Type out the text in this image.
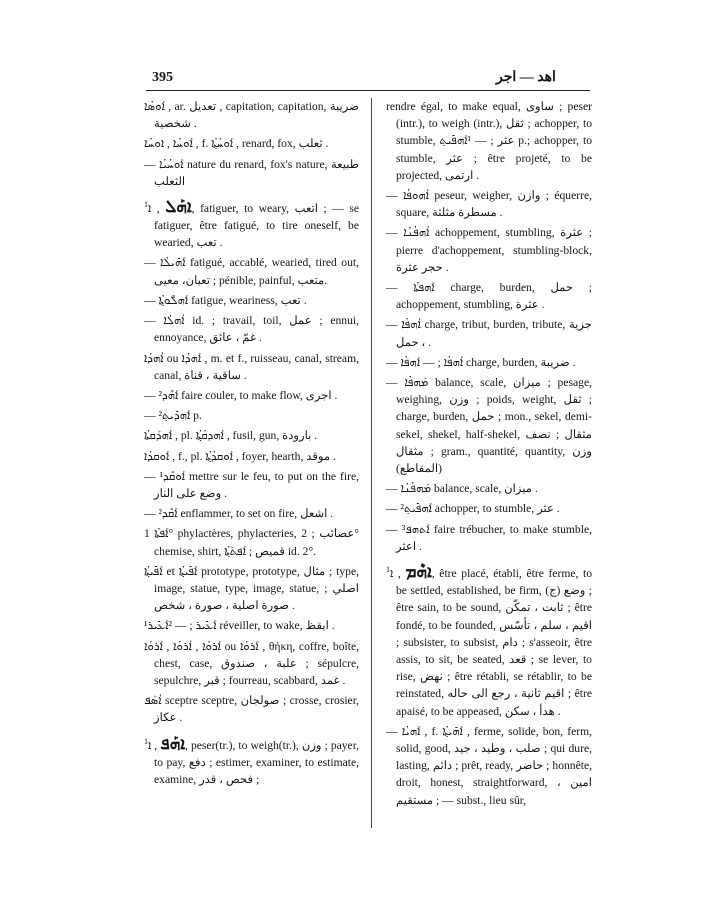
395	اهد — اجر

ܐܰܘܣܳܐ , ar. تعديل , capitation, capitation, ضريبة شخصية .

ܐܰܘܚܳܐ , ܐܘܚܳܐ , f. ܐܰܘܚܳܬ݂ܳܐ , renard, fox, ثعلب .

— ܐܰܘܚܳܝܳܐ nature du renard, fox's nature, طبيعة الثعلب

$^1$ ܐܗܰܠ , ܐ, fatiguer, to weary, اتعب ; — se fatiguer, être fatigué, to tire oneself, be wearied, تعب .

— ܐܰܗܺܝܠܳܐ fatigué, accablé, wearied, tired out, تعبان، معيى ; pénible, painful, متعب.

— ܐܰܗܠܽܘܬ݂ܳܐ fatigue, weariness, تعب .

— ܐܳܗܠܳܐ id. ; travail, toil, عمل ; ennui, ennoyance, غمّ ، عائق .

ܐܳܗܕܳܐ ou ܐܰܗܕܳܐ , m. et f., ruisseau, canal, stream, canal, ساقية ، قناة .

— ²ܐܰܗܶܕ faire couler, to make flow, اجرى .

— ²ܐܰܗܕܺܝܬ݂ p.

ܐܰܗܕܰܩܬܳܐ , pl. ܐܰܗܕܩܳܬ݂ܳܐ , fusil, gun, بارودة .

ܐܰܘܩܕܳܐ , f., pl. ܐܰܘܩܕܳܬ݂ܳܐ , foyer, hearth, موقد .

— ¹ܐܰܘܩܶܕ mettre sur le feu, to put on the fire, وضع على النار .

— ²ܐܰܩܶܕ enflammer, to set on fire, اشعل .

ܐܰܦܬܳܐ 1° phylactères, phylacteries, عصائب ; 2° chemise, shirt, قميص ; ܐܰܦܬܰܬ݂ܳܐ id. 2°.

ܐܰܦܺܝܬ݂ܳܐ et ܐܰܦܺܝܬ݂ܳܐ prototype, prototype, مثال ; type, image, statue, type, image, statue, اصلي ; صورة اصلية ، صورة ، شخص .

¹ܐܰܥܺܝܪ ; — ²ܐܰܥܺܝܪ réveiller, to wake, ايقظ .

ܐܰܪܘܳܐ , ܐܳܪܘܳܐ , ܐܰܪܘܳܐ ou ܐܰܪܘܳܐ , θήκη, coffre, boîte, chest, case, علبة ، صندوق ; sépulcre, sepulchre, قبر ; fourreau, scabbard, غمد .

ܐܳܣܰܦ sceptre sceptre, صولجان ; crosse, crosier, عكاز .

$^1$ ܐܗܰܦ , ܐ, peser(tr.), to weigh(tr.), وزن ; payer, to pay, دفع ; estimer, examiner, to estimate, examine, فحص ، قدر ;

rendre égal, to make equal, ساوى ; peser (intr.), to weigh (intr.), ثقل ; achopper, to stumble, عثر ; — ¹ܐܰܗܦܺܝܬ݂ p.; achopper, to stumble, عثر ; être projeté, to be projected, ارتمى .

— ܐܳܗܘܦܳܐ peseur, weigher, وازن ; équerre, square, مسطرة مثلثة .

— ܐܳܗܦܳܢܳܐ achoppement, stumbling, عثرة ; pierre d'achoppement, stumbling-block, حجر عثرة .

— ܐܰܗܦܬܳܐ charge, burden, حمل ; achoppement, stumbling, عثرة .

— ܐܳܗܦܳܐ charge, tribut, burden, tribute, جزية ، حمل .

— ܐܳܗܦܳܐ ; — ܐܰܗܦܳܐ charge, burden, ضريبة .

— ܡܰܗܦܳܐ balance, scale, ميزان ; pesage, weighing, وزن ; poids, weight, ثقل ; charge, burden, حمل ; mon., sekel, demi-sekel, shekel, half-shekel, مثقال ; نصف مثقال ; gram., quantité, quantity, وزن (المقاطع)

— ܡܰܗܦܳܢܳܐ balance, scale, ميزان .

— ²ܐܰܗܦܺܝܬ݂ achopper, to stumble, عثر .

— ³ܐܰܬܗܦ faire trébucher, to make stumble, اعثر .

$^1$ ܐܗܶܡ , ܐ, être placé, établi, être ferme, to be settled, established, be firm, وضع (ج) ; être sain, to be sound, ثابت ، تمكّن ; être fondé, to be founded, اقيم ، سلم ، تأسّس ; subsister, to subsist, دام ; s'asseoir, être assis, to sit, be seated, قعد ; se lever, to rise, نهض ; être rétabli, se rétablir, to be reinstated, اقيم ثانية ، رجع الى حاله ; être apaisé, to be appeased, هدأ ، سكن .

— ܐܰܗܝܳܐ , f. ܐܰܗܺܝܬ݂ܳܐ , ferme, solide, bon, ferm, solid, good, صلب ، وطيد ، جيد ; qui dure, lasting, دائم ; prêt, ready, حاضر ; honnête, droit, honest, straightforward, امين ، مستقيم ; — subst., lieu sûr,
